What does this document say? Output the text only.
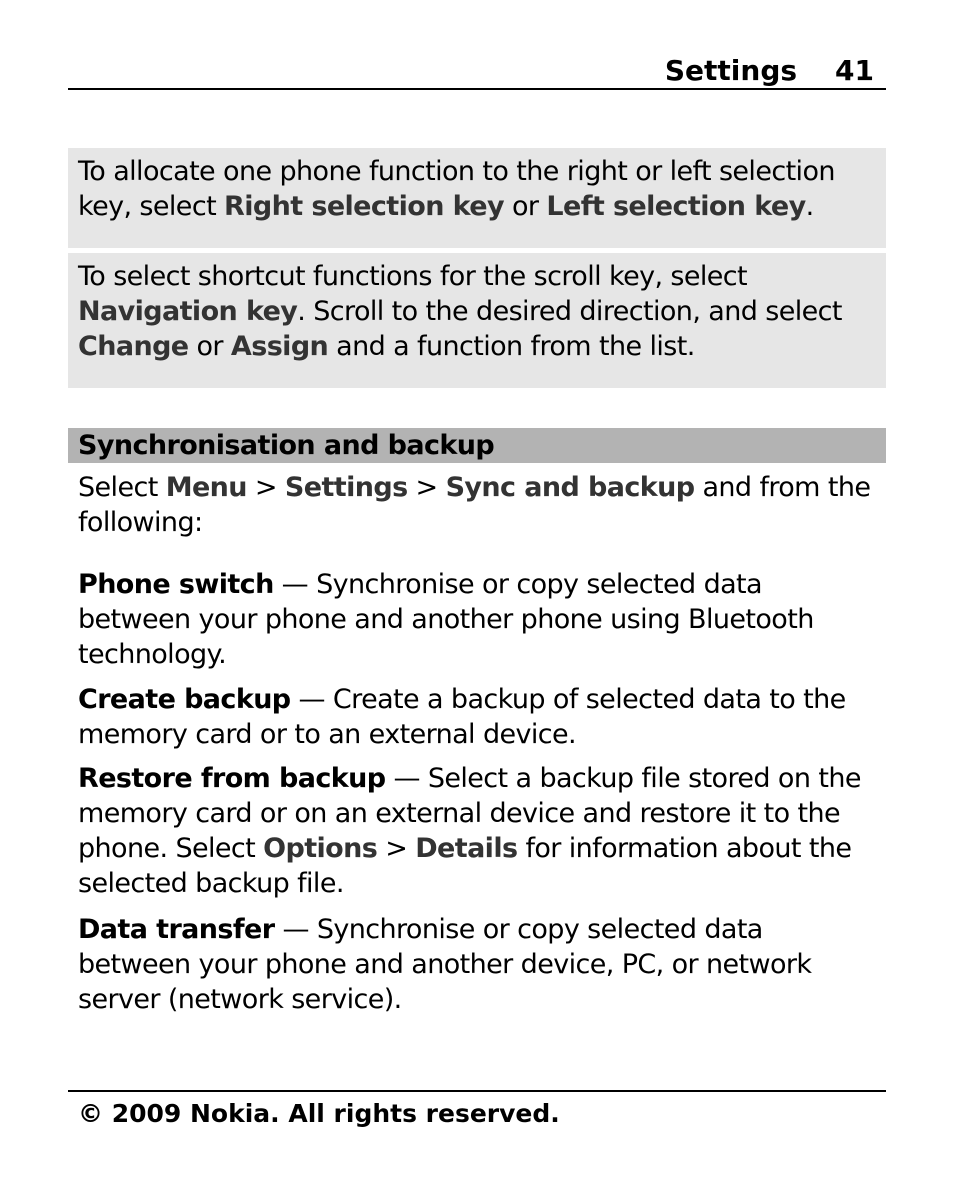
Settings 41
To allocate one phone function to the right or left selection key, select Right selection key or Left selection key.
To select shortcut functions for the scroll key, select Navigation key. Scroll to the desired direction, and select Change or Assign and a function from the list.
Synchronisation and backup
Select Menu > Settings > Sync and backup and from the following:
Phone switch — Synchronise or copy selected data between your phone and another phone using Bluetooth technology.
Create backup — Create a backup of selected data to the memory card or to an external device.
Restore from backup — Select a backup file stored on the memory card or on an external device and restore it to the phone. Select Options > Details for information about the selected backup file.
Data transfer — Synchronise or copy selected data between your phone and another device, PC, or network server (network service).
© 2009 Nokia. All rights reserved.
